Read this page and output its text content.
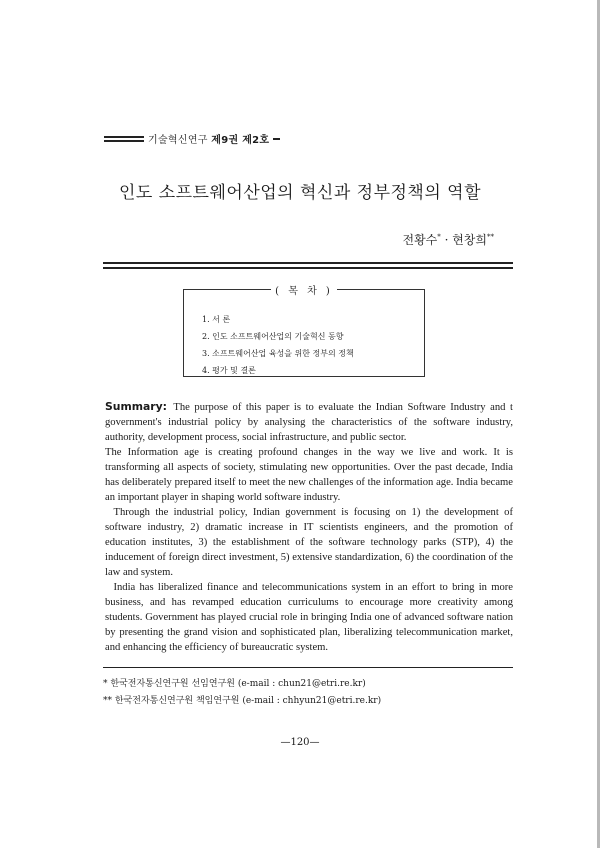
기술혁신연구 제9권 제2호
인도 소프트웨어산업의 혁신과 정부정책의 역할
전황수* · 현창희**
( 목 차 )
1. 서 론
2. 인도 소프트웨어산업의 기술혁신 동향
3. 소프트웨어산업 육성을 위한 정부의 정책
4. 평가 및 결론

Summary: The purpose of this paper is to evaluate the Indian Software Industry and t government's industrial policy by analysing the characteristics of the software industry, authority, development process, social infrastructure, and public sector.

The Information age is creating profound changes in the way we live and work. It is transforming all aspects of society, stimulating new opportunities. Over the past decade, India has deliberately prepared itself to meet the new challenges of the information age. India became an important player in shaping world software industry.

Through the industrial policy, Indian government is focusing on 1) the development of software industry, 2) dramatic increase in IT scientists engineers, and the promotion of education institutes, 3) the establishment of the software technology parks (STP), 4) the inducement of foreign direct investment, 5) extensive standardization, 6) the coordination of the law and system.

India has liberalized finance and telecommunications system in an effort to bring in more business, and has revamped education curriculums to encourage more creativity among students. Government has played crucial role in bringing India one of advanced software nation by presenting the grand vision and sophisticated plan, liberalizing telecommunication market, and enhancing the efficiency of bureaucratic system.

* 한국전자통신연구원 선임연구원 (e-mail : chun21@etri.re.kr)
** 한국전자통신연구원 책임연구원 (e-mail : chhyun21@etri.re.kr)
—120—
